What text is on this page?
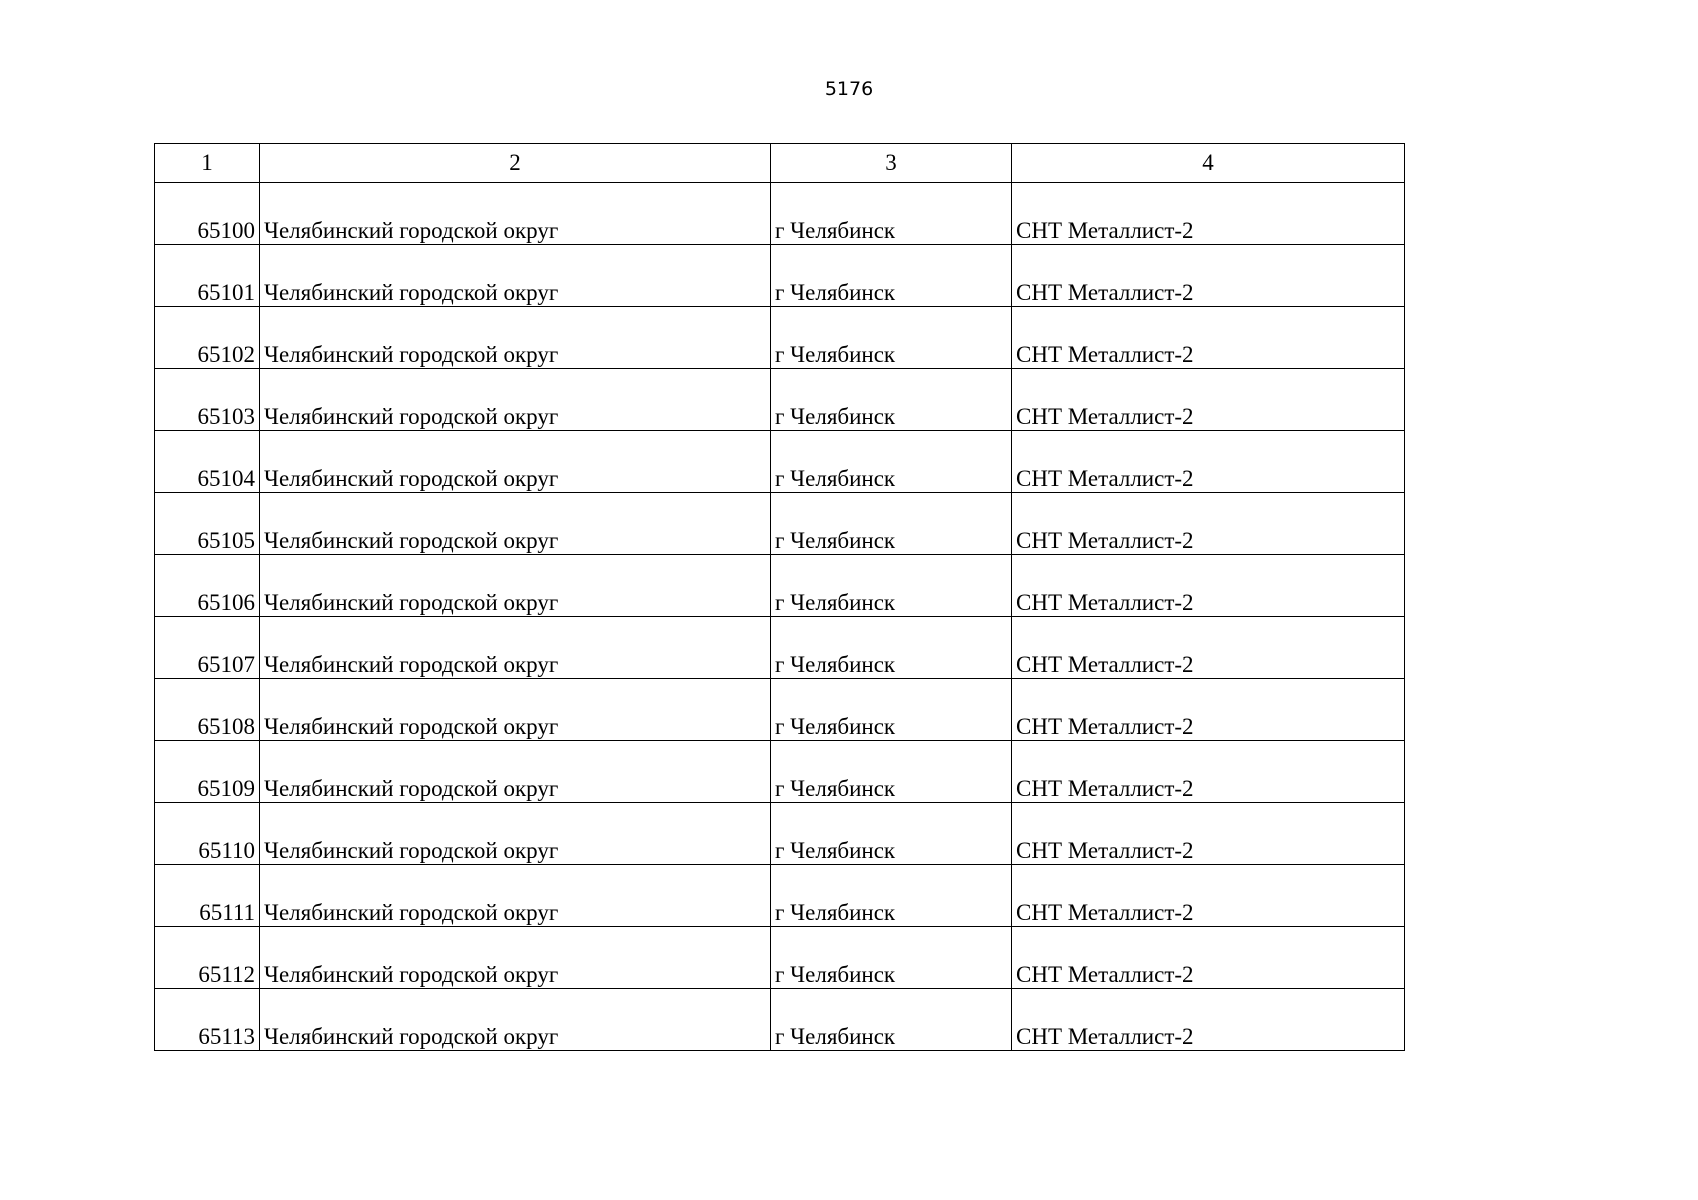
5176
1	2	3	4
65100	Челябинский городской округ	г Челябинск	СНТ Металлист-2
65101	Челябинский городской округ	г Челябинск	СНТ Металлист-2
65102	Челябинский городской округ	г Челябинск	СНТ Металлист-2
65103	Челябинский городской округ	г Челябинск	СНТ Металлист-2
65104	Челябинский городской округ	г Челябинск	СНТ Металлист-2
65105	Челябинский городской округ	г Челябинск	СНТ Металлист-2
65106	Челябинский городской округ	г Челябинск	СНТ Металлист-2
65107	Челябинский городской округ	г Челябинск	СНТ Металлист-2
65108	Челябинский городской округ	г Челябинск	СНТ Металлист-2
65109	Челябинский городской округ	г Челябинск	СНТ Металлист-2
65110	Челябинский городской округ	г Челябинск	СНТ Металлист-2
65111	Челябинский городской округ	г Челябинск	СНТ Металлист-2
65112	Челябинский городской округ	г Челябинск	СНТ Металлист-2
65113	Челябинский городской округ	г Челябинск	СНТ Металлист-2
